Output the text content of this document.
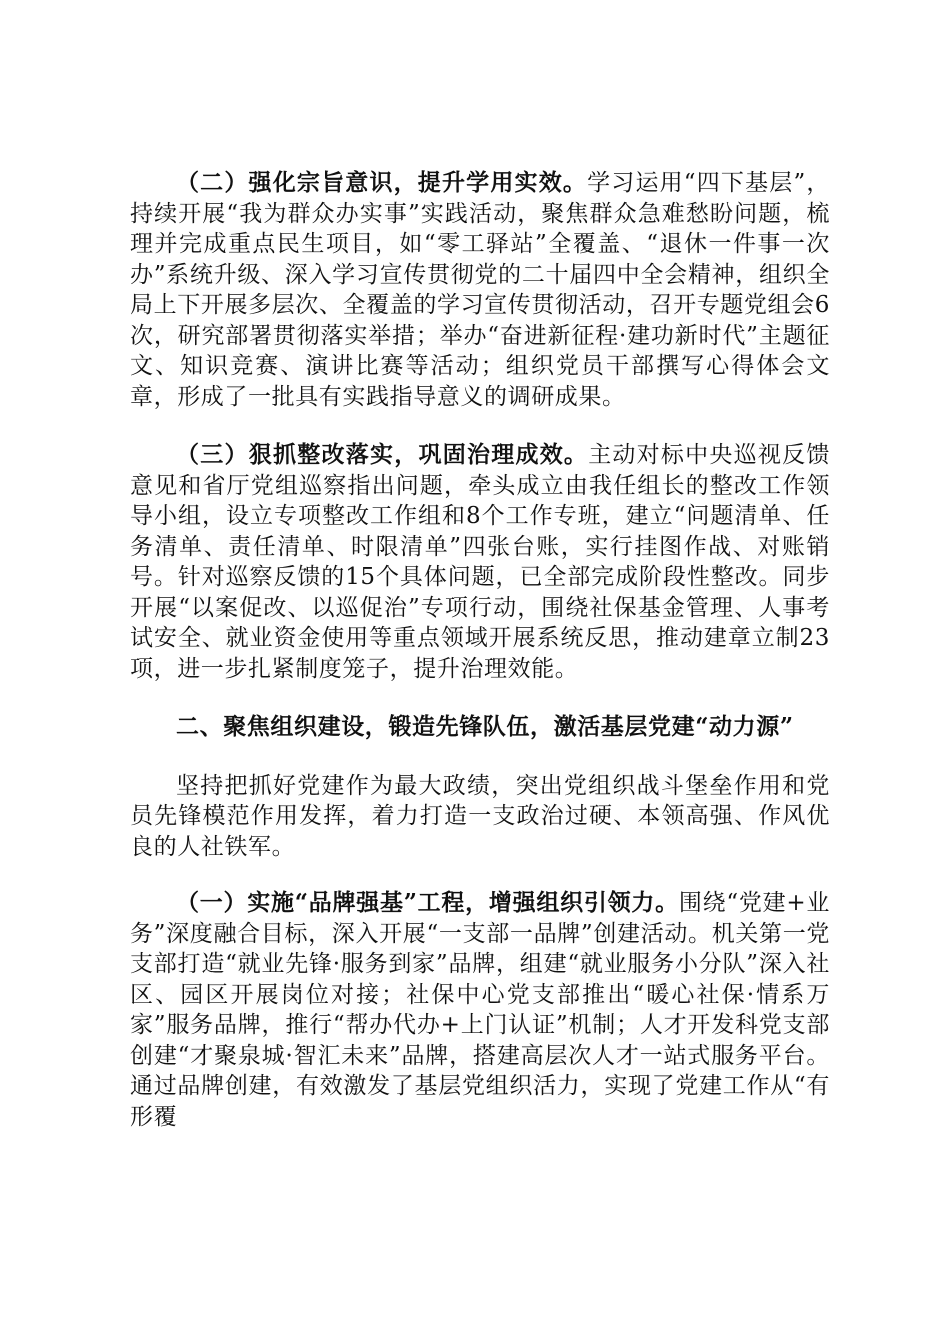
（二）强化宗旨意识，提升学用实效。学习运用“四下基层”，持续开展“我为群众办实事”实践活动，聚焦群众急难愁盼问题，梳理并完成重点民生项目，如“零工驿站”全覆盖、“退休一件事一次办”系统升级、深入学习宣传贯彻党的二十届四中全会精神，组织全局上下开展多层次、全覆盖的学习宣传贯彻活动，召开专题党组会6次，研究部署贯彻落实举措；举办“奋进新征程·建功新时代”主题征文、知识竞赛、演讲比赛等活动；组织党员干部撰写心得体会文章，形成了一批具有实践指导意义的调研成果。

（三）狠抓整改落实，巩固治理成效。主动对标中央巡视反馈意见和省厅党组巡察指出问题，牵头成立由我任组长的整改工作领导小组，设立专项整改工作组和8个工作专班，建立“问题清单、任务清单、责任清单、时限清单”四张台账，实行挂图作战、对账销号。针对巡察反馈的15个具体问题，已全部完成阶段性整改。同步开展“以案促改、以巡促治”专项行动，围绕社保基金管理、人事考试安全、就业资金使用等重点领域开展系统反思，推动建章立制23项，进一步扎紧制度笼子，提升治理效能。

二、聚焦组织建设，锻造先锋队伍，激活基层党建“动力源”

坚持把抓好党建作为最大政绩，突出党组织战斗堡垒作用和党员先锋模范作用发挥，着力打造一支政治过硬、本领高强、作风优良的人社铁军。

（一）实施“品牌强基”工程，增强组织引领力。围绕“党建+业务”深度融合目标，深入开展“一支部一品牌”创建活动。机关第一党支部打造“就业先锋·服务到家”品牌，组建“就业服务小分队”深入社区、园区开展岗位对接；社保中心党支部推出“暖心社保·情系万家”服务品牌，推行“帮办代办+上门认证”机制；人才开发科党支部创建“才聚泉城·智汇未来”品牌，搭建高层次人才一站式服务平台。通过品牌创建，有效激发了基层党组织活力，实现了党建工作从“有形覆
